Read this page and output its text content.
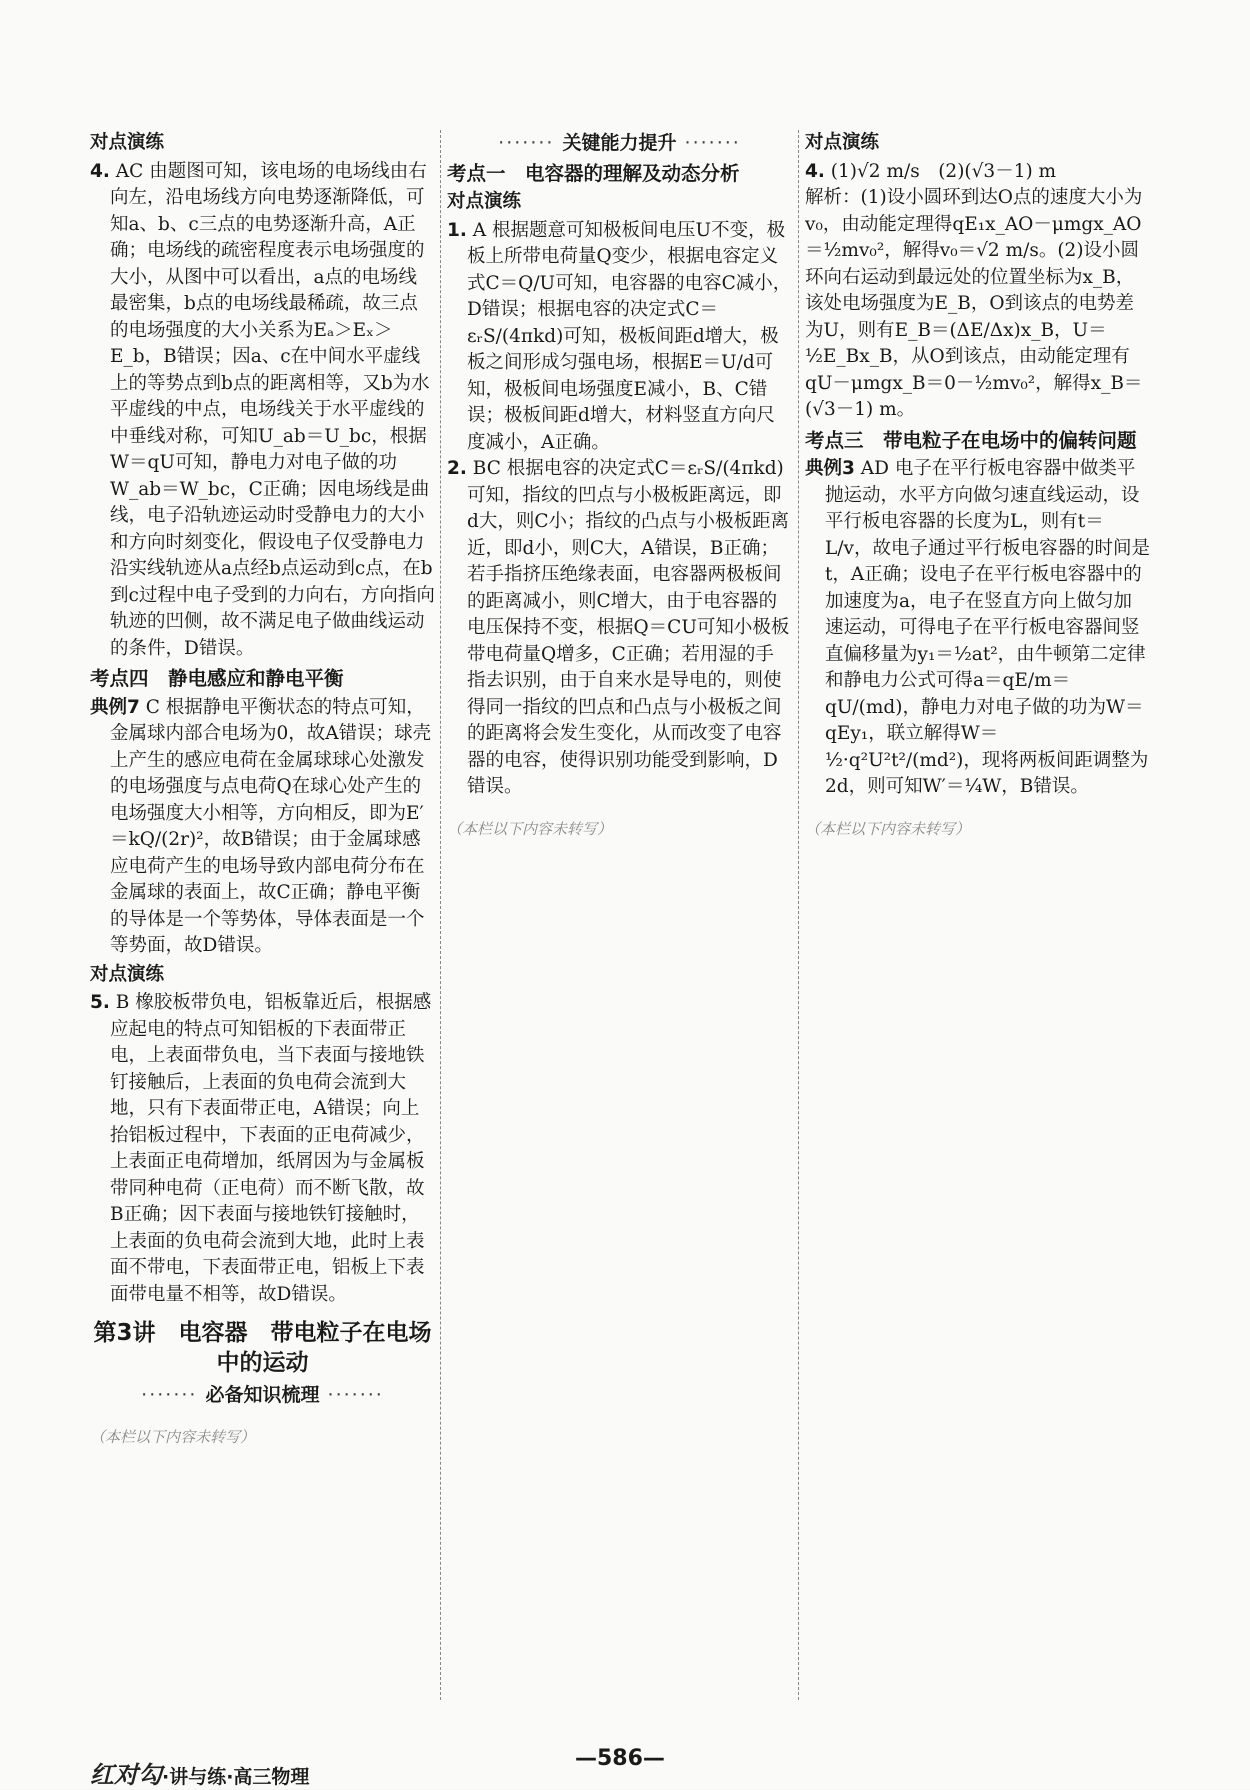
对点演练

4. AC 由题图可知，该电场的电场线由右向左，沿电场线方向电势逐渐降低，可知a、b、c三点的电势逐渐升高，A正确；电场线的疏密程度表示电场强度的大小，从图中可以看出，a点的电场线最密集，b点的电场线最稀疏，故三点的电场强度的大小关系为Eₐ＞Eₓ＞E_b，B错误；因a、c在中间水平虚线上的等势点到b点的距离相等，又b为水平虚线的中点，电场线关于水平虚线的中垂线对称，可知U_ab＝U_bc，根据W＝qU可知，静电力对电子做的功W_ab＝W_bc，C正确；因电场线是曲线，电子沿轨迹运动时受静电力的大小和方向时刻变化，假设电子仅受静电力沿实线轨迹从a点经b点运动到c点，在b到c过程中电子受到的力向右，方向指向轨迹的凹侧，故不满足电子做曲线运动的条件，D错误。

考点四　静电感应和静电平衡

典例7 C 根据静电平衡状态的特点可知，金属球内部合电场为0，故A错误；球壳上产生的感应电荷在金属球球心处激发的电场强度与点电荷Q在球心处产生的电场强度大小相等，方向相反，即为E′＝kQ/(2r)²，故B错误；由于金属球感应电荷产生的电场导致内部电荷分布在金属球的表面上，故C正确；静电平衡的导体是一个等势体，导体表面是一个等势面，故D错误。

对点演练

5. B 橡胶板带负电，铝板靠近后，根据感应起电的特点可知铝板的下表面带正电，上表面带负电，当下表面与接地铁钉接触后，上表面的负电荷会流到大地，只有下表面带正电，A错误；向上抬铝板过程中，下表面的正电荷减少，上表面正电荷增加，纸屑因为与金属板带同种电荷（正电荷）而不断飞散，故B正确；因下表面与接地铁钉接触时，上表面的负电荷会流到大地，此时上表面不带电，下表面带正电，铝板上下表面带电量不相等，故D错误。

第3讲　电容器　带电粒子在电场中的运动
······· 必备知识梳理 ·······

（本栏以下内容未转写）

······· 关键能力提升 ·······
考点一　电容器的理解及动态分析
对点演练

1. A 根据题意可知极板间电压U不变，极板上所带电荷量Q变少，根据电容定义式C＝Q/U可知，电容器的电容C减小，D错误；根据电容的决定式C＝εᵣS/(4πkd)可知，极板间距d增大，极板之间形成匀强电场，根据E＝U/d可知，极板间电场强度E减小，B、C错误；极板间距d增大，材料竖直方向尺度减小，A正确。

2. BC 根据电容的决定式C＝εᵣS/(4πkd)可知，指纹的凹点与小极板距离远，即d大，则C小；指纹的凸点与小极板距离近，即d小，则C大，A错误，B正确；若手指挤压绝缘表面，电容器两极板间的距离减小，则C增大，由于电容器的电压保持不变，根据Q＝CU可知小极板带电荷量Q增多，C正确；若用湿的手指去识别，由于自来水是导电的，则使得同一指纹的凹点和凸点与小极板之间的距离将会发生变化，从而改变了电容器的电容，使得识别功能受到影响，D错误。

（本栏以下内容未转写）

对点演练

4. (1)√2 m/s　(2)(√3－1) m

解析：(1)设小圆环到达O点的速度大小为v₀，由动能定理得qE₁x_AO－μmgx_AO＝½mv₀²，解得v₀＝√2 m/s。(2)设小圆环向右运动到最远处的位置坐标为x_B，该处电场强度为E_B，O到该点的电势差为U，则有E_B＝(ΔE/Δx)x_B，U＝½E_Bx_B，从O到该点，由动能定理有qU－μmgx_B＝0－½mv₀²，解得x_B＝(√3－1) m。

考点三　带电粒子在电场中的偏转问题

典例3 AD 电子在平行板电容器中做类平抛运动，水平方向做匀速直线运动，设平行板电容器的长度为L，则有t＝L/v，故电子通过平行板电容器的时间是t，A正确；设电子在平行板电容器中的加速度为a，电子在竖直方向上做匀加速运动，可得电子在平行板电容器间竖直偏移量为y₁＝½at²，由牛顿第二定律和静电力公式可得a＝qE/m＝qU/(md)，静电力对电子做的功为W＝qEy₁，联立解得W＝½·q²U²t²/(md²)，现将两板间距调整为2d，则可知W′＝¼W，B错误。

（本栏以下内容未转写）

红对勾·讲与练·高三物理
—586—
